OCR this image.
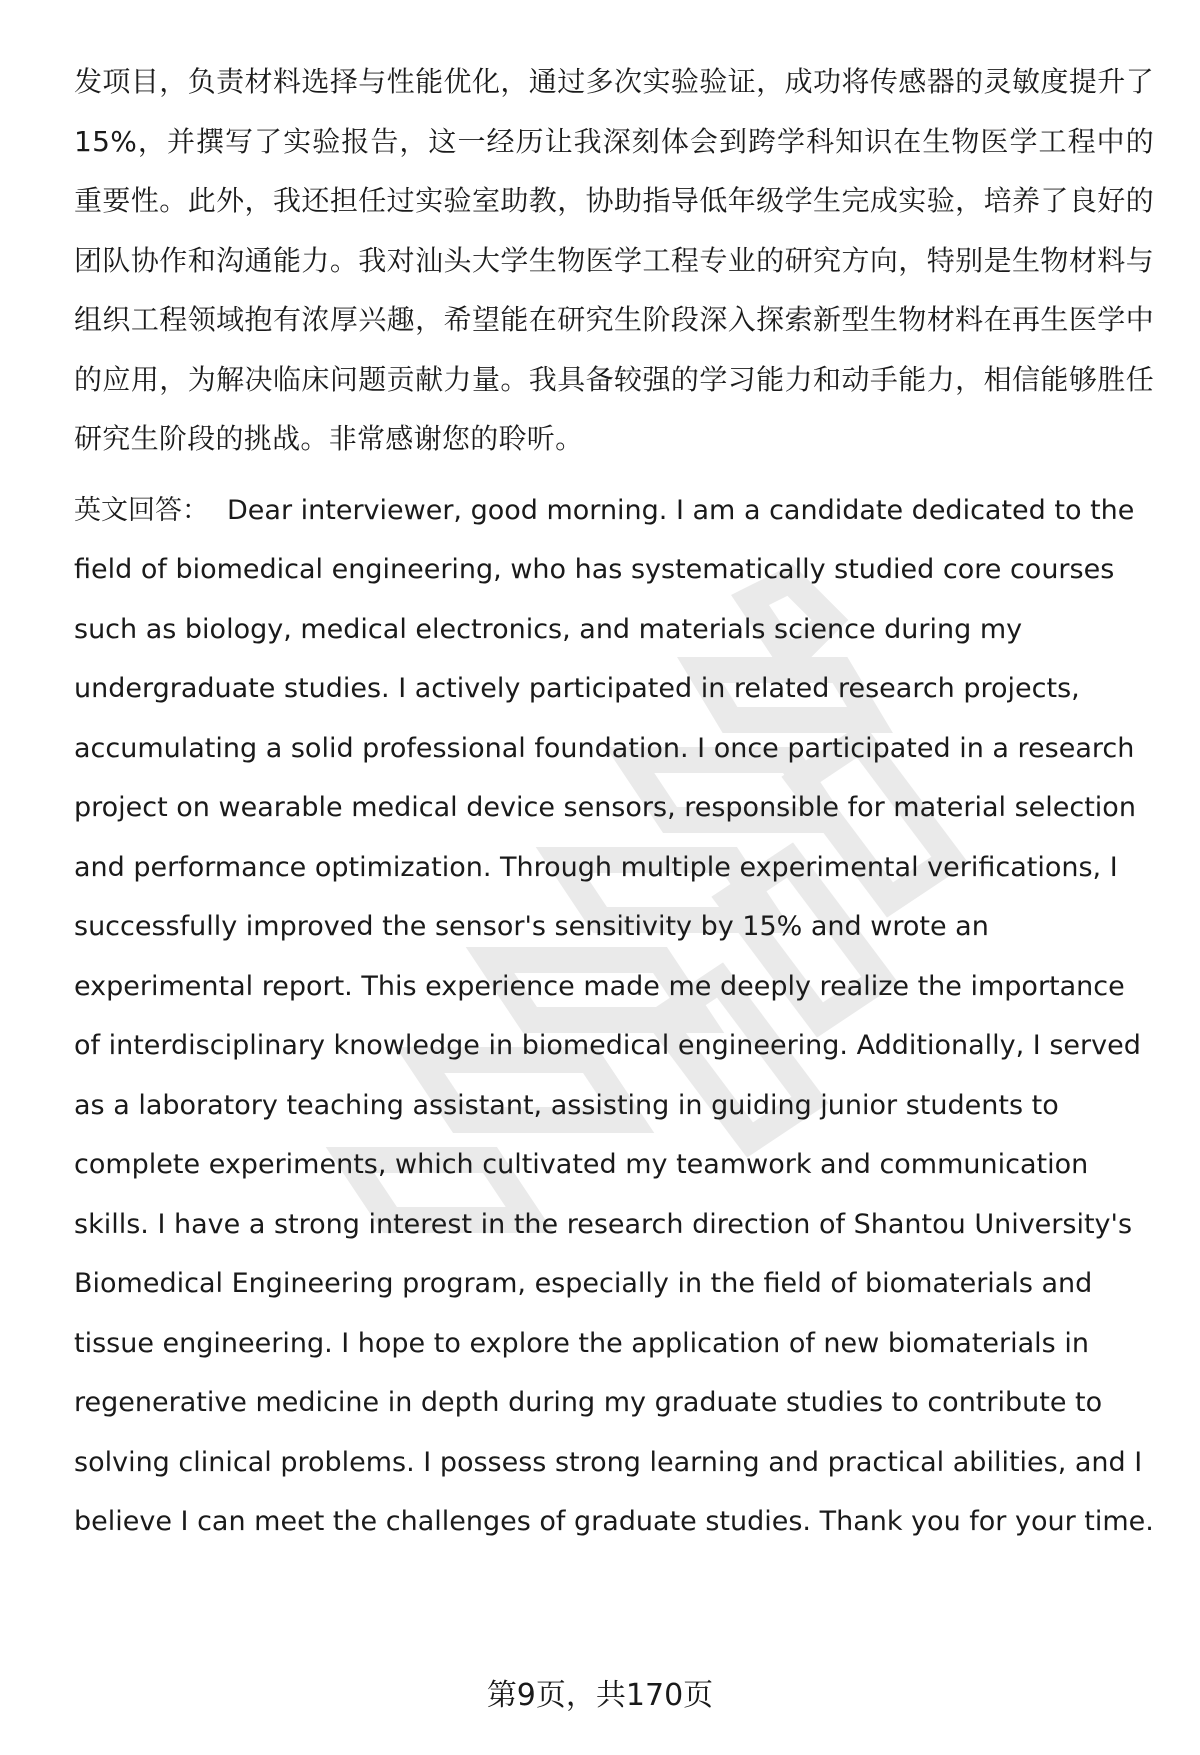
发项目，负责材料选择与性能优化，通过多次实验验证，成功将传感器的灵敏度提升了15%，并撰写了实验报告，这一经历让我深刻体会到跨学科知识在生物医学工程中的重要性。此外，我还担任过实验室助教，协助指导低年级学生完成实验，培养了良好的团队协作和沟通能力。我对汕头大学生物医学工程专业的研究方向，特别是生物材料与组织工程领域抱有浓厚兴趣，希望能在研究生阶段深入探索新型生物材料在再生医学中的应用，为解决临床问题贡献力量。我具备较强的学习能力和动手能力，相信能够胜任研究生阶段的挑战。非常感谢您的聆听。

英文回答： Dear interviewer, good morning. I am a candidate dedicated to the field of biomedical engineering, who has systematically studied core courses such as biology, medical electronics, and materials science during my undergraduate studies. I actively participated in related research projects, accumulating a solid professional foundation. I once participated in a research project on wearable medical device sensors, responsible for material selection and performance optimization. Through multiple experimental verifications, I successfully improved the sensor's sensitivity by 15% and wrote an experimental report. This experience made me deeply realize the importance of interdisciplinary knowledge in biomedical engineering. Additionally, I served as a laboratory teaching assistant, assisting in guiding junior students to complete experiments, which cultivated my teamwork and communication skills. I have a strong interest in the research direction of Shantou University's Biomedical Engineering program, especially in the field of biomaterials and tissue engineering. I hope to explore the application of new biomaterials in regenerative medicine in depth during my graduate studies to contribute to solving clinical problems. I possess strong learning and practical abilities, and I believe I can meet the challenges of graduate studies. Thank you for your time.

第9页，共170页
